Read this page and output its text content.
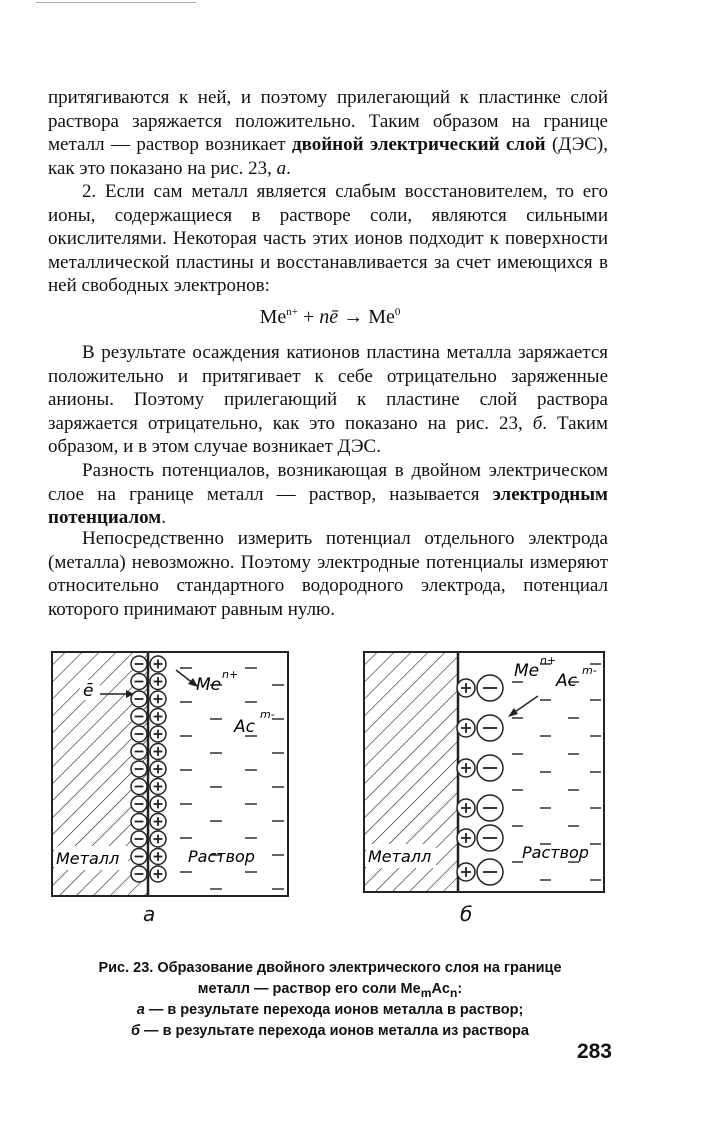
притягиваются к ней, и поэтому прилегающий к пластинке слой раствора заряжается положительно. Таким образом на границе металл — раствор возникает двойной электрический слой (ДЭС), как это показано на рис. 23, а.

2. Если сам металл является слабым восстановителем, то его ионы, содержащиеся в растворе соли, являются сильными окислителями. Некоторая часть этих ионов подходит к поверхности металлической пластины и восстанавливается за счет имеющихся в ней свободных электронов:

$Me^{n+}$ + nē → $Me^0$

В результате осаждения катионов пластина металла заряжается положительно и притягивает к себе отрицательно заряженные анионы. Поэтому прилегающий к пластине слой раствора заряжается отрицательно, как это показано на рис. 23, б. Таким образом, и в этом случае возникает ДЭС.

Разность потенциалов, возникающая в двойном электрическом слое на границе металл — раствор, называется электродным потенциалом.

Непосредственно измерить потенциал отдельного электрода (металла) невозможно. Поэтому электродные потенциалы измеряют относительно стандартного водородного электрода, потенциал которого принимают равным нулю.

ē	Me
n+
Ac
m-
Металл	Раствор
а
Me
n+
Ac
m-
Металл	Раствор
б
Рис. 23. Образование двойного электрического слоя на границе
металл — раствор его соли $Me_mAc_n$:
а — в результате перехода ионов металла в раствор;
б — в результате перехода ионов металла из раствора
283
